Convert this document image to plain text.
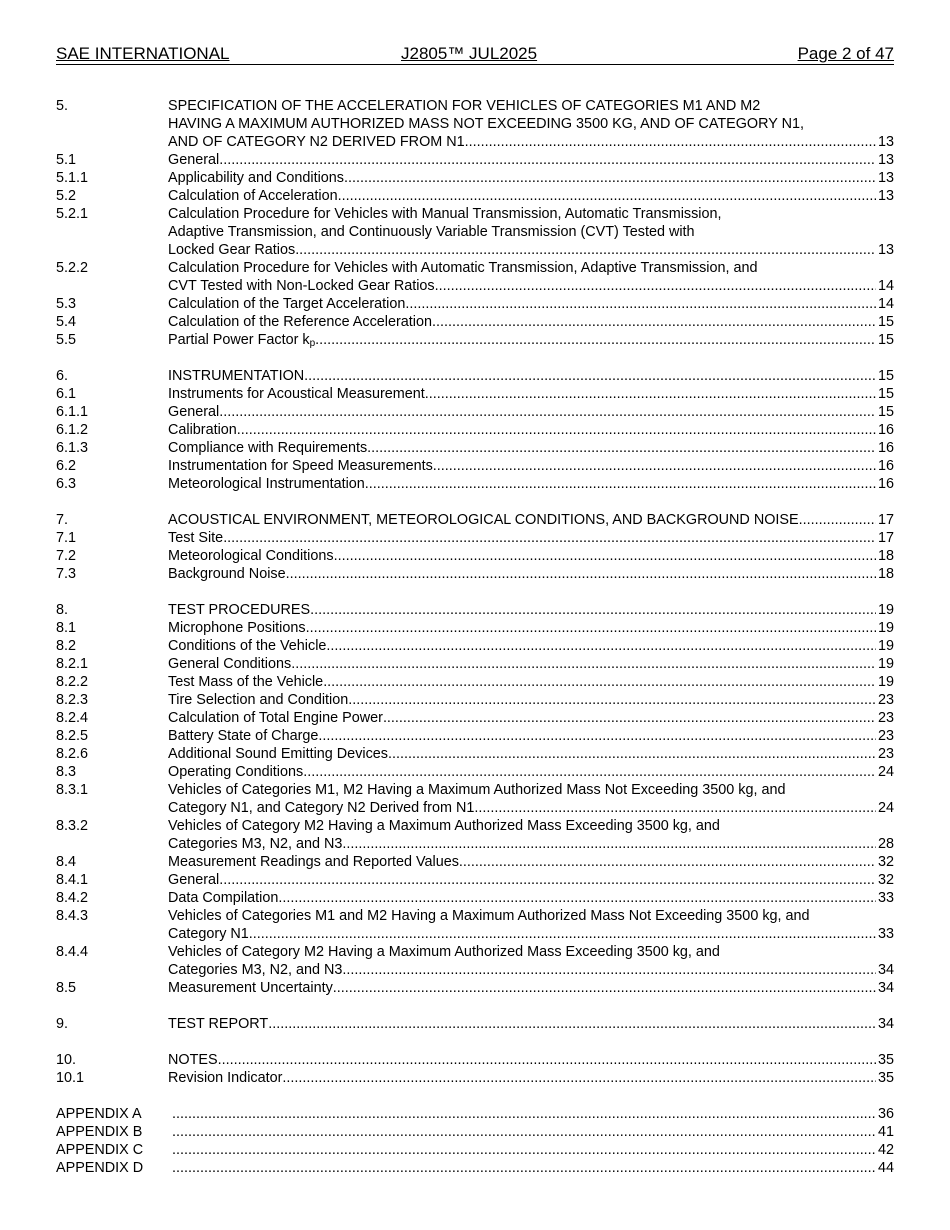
SAE INTERNATIONAL	J2805™ JUL2025	Page 2 of 47
5.	SPECIFICATION OF THE ACCELERATION FOR VEHICLES OF CATEGORIES M1 AND M2
HAVING A MAXIMUM AUTHORIZED MASS NOT EXCEEDING 3500 KG, AND OF CATEGORY N1,
AND OF CATEGORY N2 DERIVED FROM N1 .....	13
5.1	General .....	13
5.1.1	Applicability and Conditions .....	13
5.2	Calculation of Acceleration .....	13
5.2.1	Calculation Procedure for Vehicles with Manual Transmission, Automatic Transmission,
Adaptive Transmission, and Continuously Variable Transmission (CVT) Tested with
Locked Gear Ratios .....	13
5.2.2	Calculation Procedure for Vehicles with Automatic Transmission, Adaptive Transmission, and
CVT Tested with Non-Locked Gear Ratios .....	14
5.3	Calculation of the Target Acceleration .....	14
5.4	Calculation of the Reference Acceleration .....	15
5.5	Partial Power Factor $k_p$ .....	15
6.	INSTRUMENTATION .....	15
6.1	Instruments for Acoustical Measurement .....	15
6.1.1	General .....	15
6.1.2	Calibration .....	16
6.1.3	Compliance with Requirements .....	16
6.2	Instrumentation for Speed Measurements .....	16
6.3	Meteorological Instrumentation .....	16
7.	ACOUSTICAL ENVIRONMENT, METEOROLOGICAL CONDITIONS, AND BACKGROUND NOISE .....	17
7.1	Test Site .....	17
7.2	Meteorological Conditions .....	18
7.3	Background Noise .....	18
8.	TEST PROCEDURES .....	19
8.1	Microphone Positions .....	19
8.2	Conditions of the Vehicle .....	19
8.2.1	General Conditions .....	19
8.2.2	Test Mass of the Vehicle .....	19
8.2.3	Tire Selection and Condition .....	23
8.2.4	Calculation of Total Engine Power .....	23
8.2.5	Battery State of Charge .....	23
8.2.6	Additional Sound Emitting Devices .....	23
8.3	Operating Conditions .....	24
8.3.1	Vehicles of Categories M1, M2 Having a Maximum Authorized Mass Not Exceeding 3500 kg, and
Category N1, and Category N2 Derived from N1 .....	24
8.3.2	Vehicles of Category M2 Having a Maximum Authorized Mass Exceeding 3500 kg, and
Categories M3, N2, and N3 .....	28
8.4	Measurement Readings and Reported Values .....	32
8.4.1	General .....	32
8.4.2	Data Compilation .....	33
8.4.3	Vehicles of Categories M1 and M2 Having a Maximum Authorized Mass Not Exceeding 3500 kg, and
Category N1 .....	33
8.4.4	Vehicles of Category M2 Having a Maximum Authorized Mass Exceeding 3500 kg, and
Categories M3, N2, and N3 .....	34
8.5	Measurement Uncertainty .....	34
9.	TEST REPORT .....	34
10.	NOTES .....	35
10.1	Revision Indicator .....	35
APPENDIX A .....	36
APPENDIX B .....	41
APPENDIX C .....	42
APPENDIX D .....	44
